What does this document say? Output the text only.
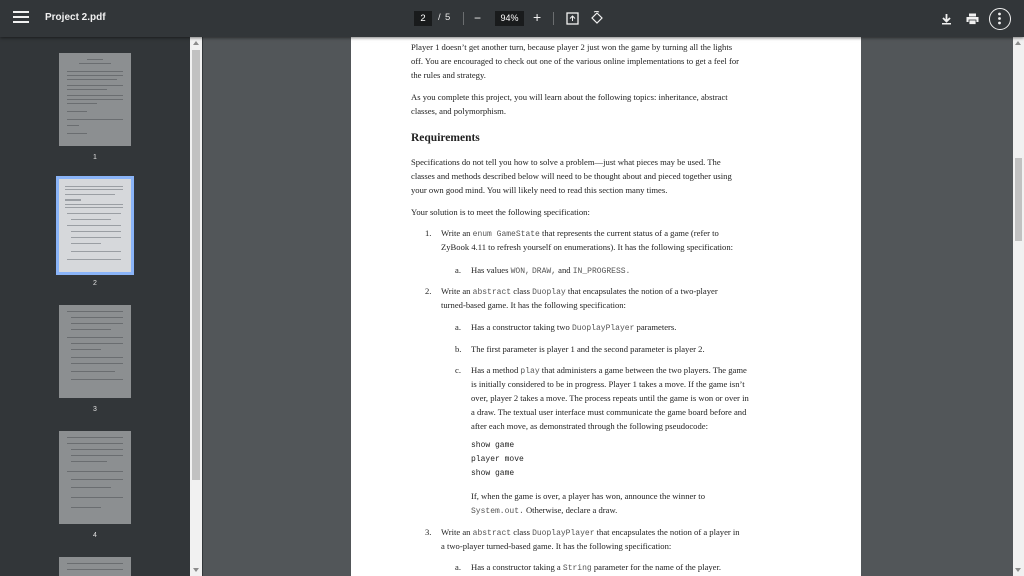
Project 2.pdf	2	/ 5 −	94%	+
1
2
3
4
Player 1 doesn’t get another turn, because player 2 just won the game by turning all the lights
off. You are encouraged to check out one of the various online implementations to get a feel for
the rules and strategy.
As you complete this project, you will learn about the following topics: inheritance, abstract
classes, and polymorphism.
Requirements
Specifications do not tell you how to solve a problem—just what pieces may be used. The
classes and methods described below will need to be thought about and pieced together using
your own good mind. You will likely need to read this section many times.
Your solution is to meet the following specification:
1. Write an enum GameState that represents the current status of a game (refer to
ZyBook 4.11 to refresh yourself on enumerations). It has the following specification:
a. Has values WON, DRAW, and IN_PROGRESS.
2. Write an abstract class Duoplay that encapsulates the notion of a two-player
turned-based game. It has the following specification:
a. Has a constructor taking two DuoplayPlayer parameters.
b. The first parameter is player 1 and the second parameter is player 2.
c. Has a method play that administers a game between the two players. The game
is initially considered to be in progress. Player 1 takes a move. If the game isn’t
over, player 2 takes a move. The process repeats until the game is won or over in
a draw. The textual user interface must communicate the game board before and
after each move, as demonstrated through the following pseudocode:
show game
player move
show game
If, when the game is over, a player has won, announce the winner to
System.out. Otherwise, declare a draw.
3. Write an abstract class DuoplayPlayer that encapsulates the notion of a player in
a two-player turned-based game. It has the following specification:
a. Has a constructor taking a String parameter for the name of the player.
